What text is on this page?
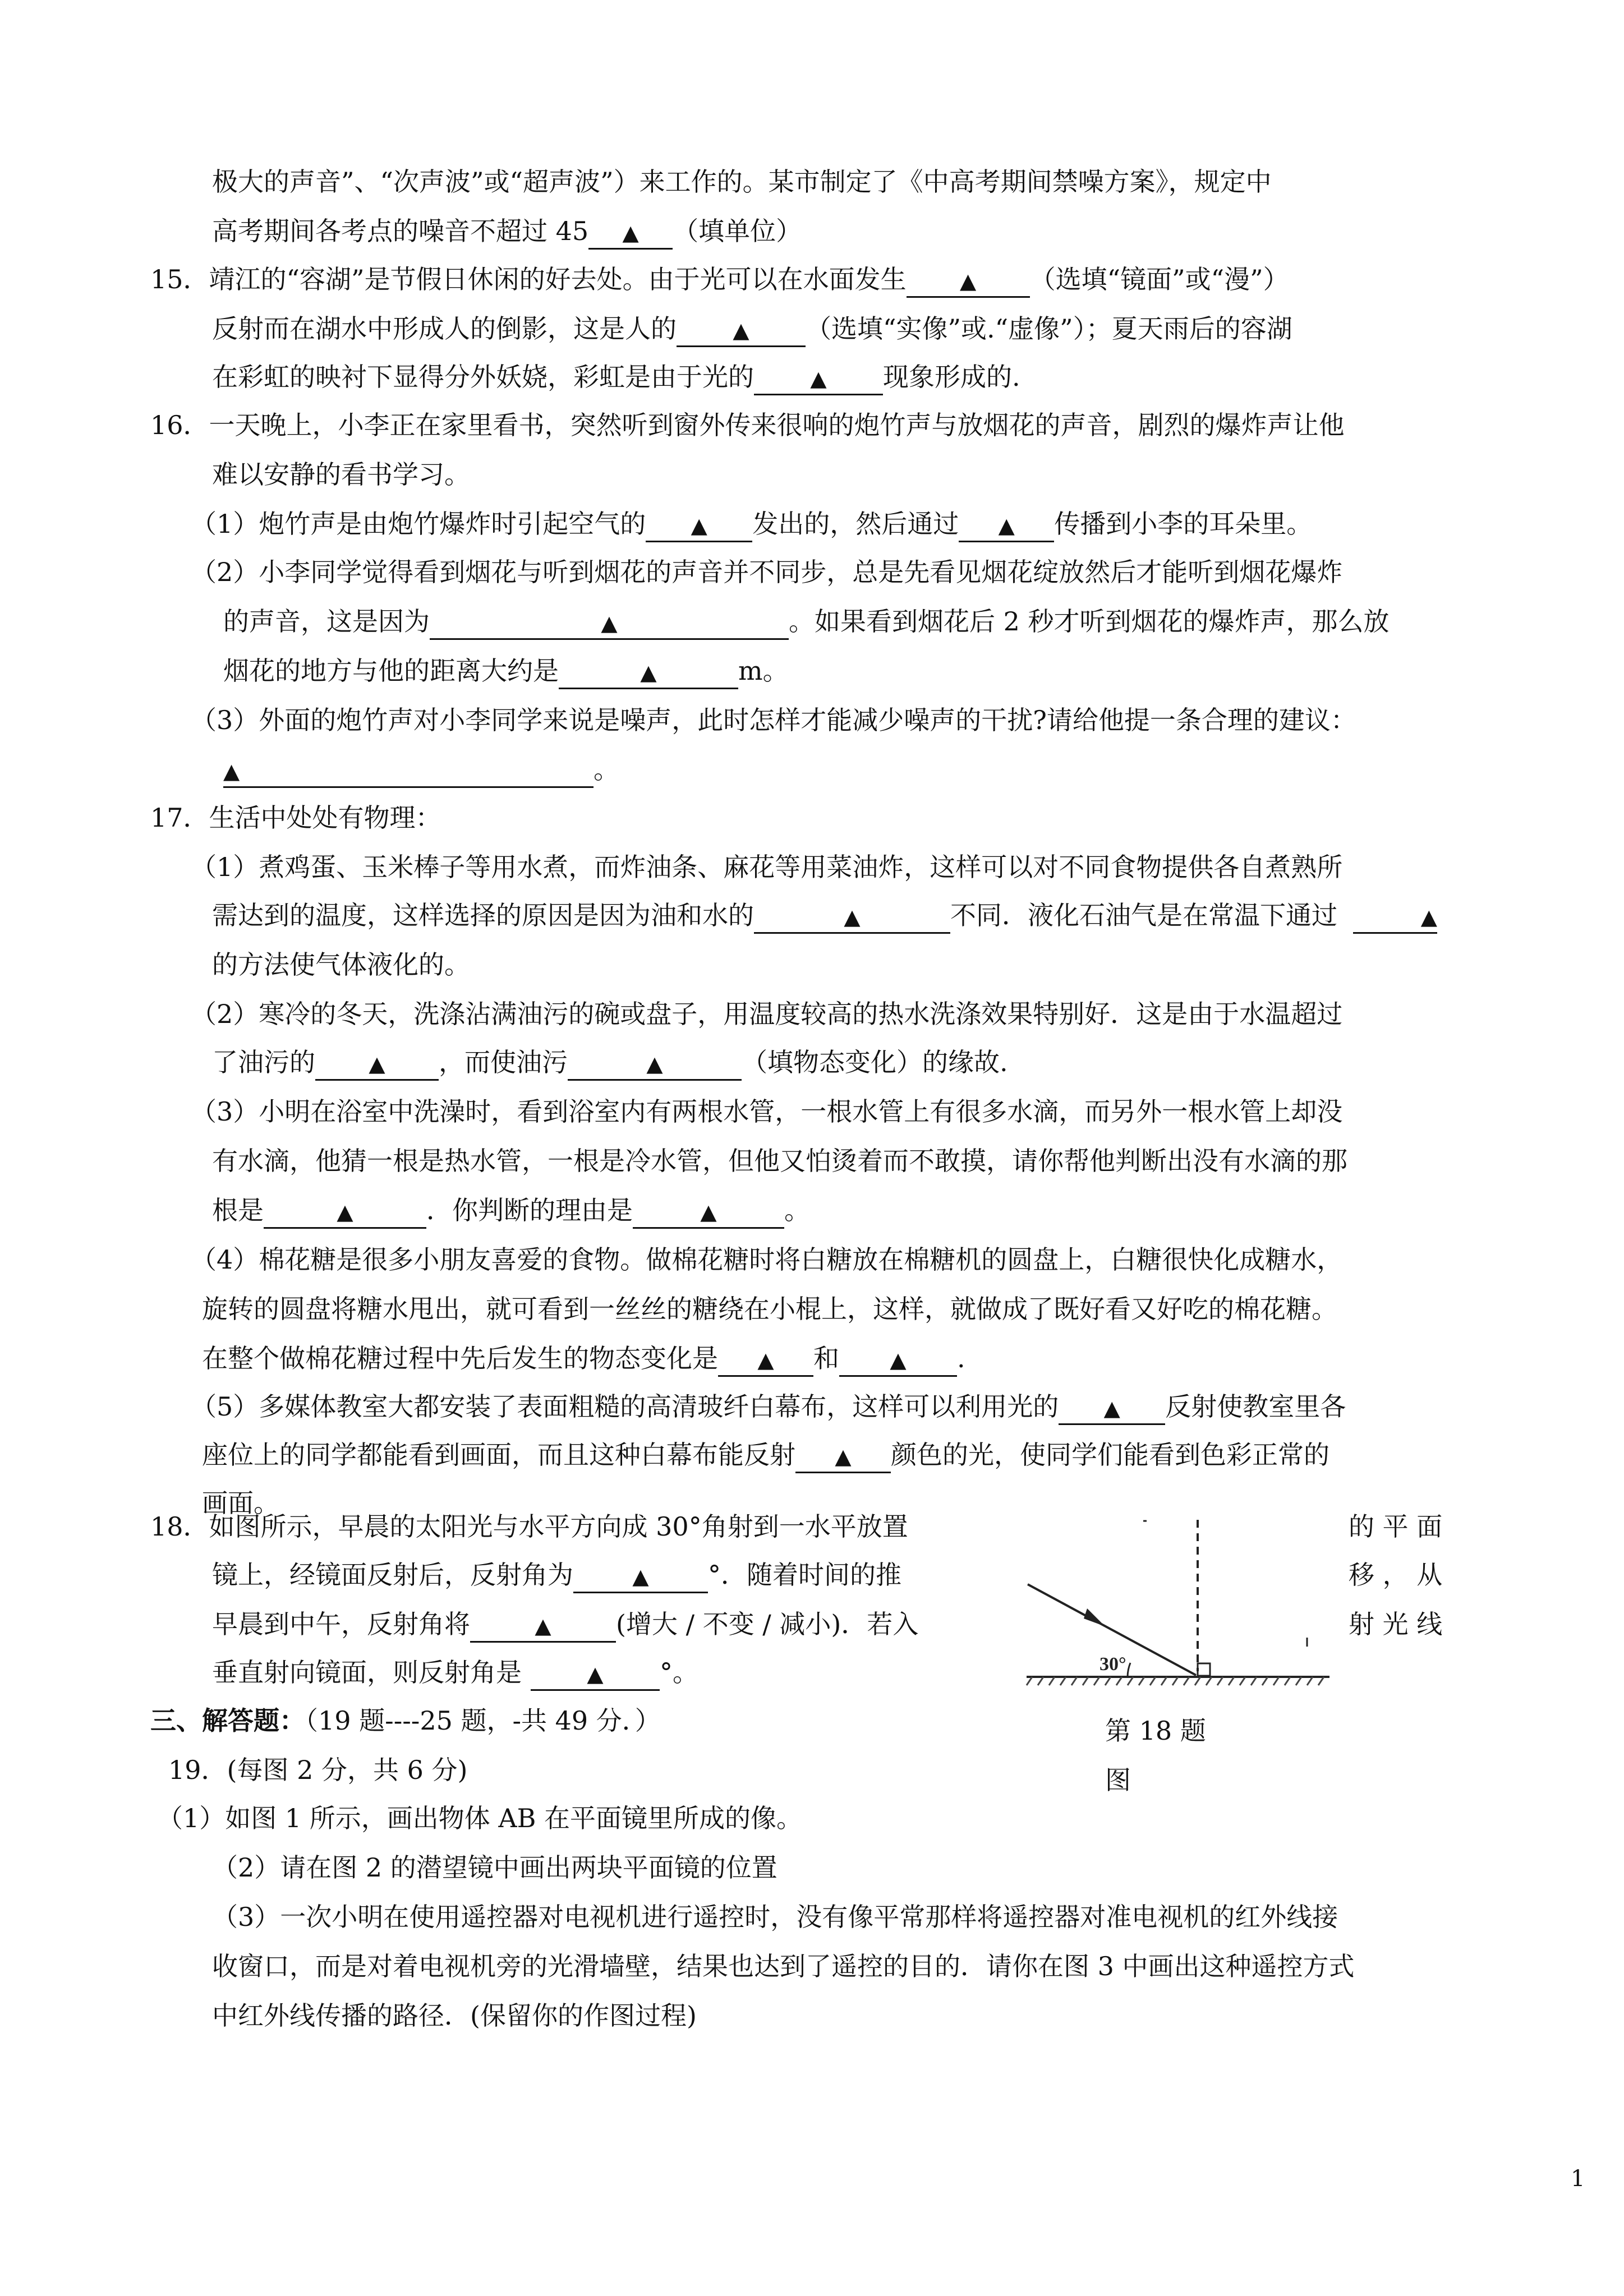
极大的声音”、“次声波”或“超声波”）来工作的。某市制定了《中高考期间禁噪方案》，规定中
高考期间各考点的噪音不超过 45 ▲ （填单位）
15．靖江的“容湖”是节假日休闲的好去处。由于光可以在水面发生	▲ （选填“镜面”或“漫”）
反射而在湖水中形成人的倒影，这是人的	▲ （选填“实像”或.“虚像”）；夏天雨后的容湖
在彩虹的映衬下显得分外妖娆，彩虹是由于光的	▲ 现象形成的.
16．一天晚上，小李正在家里看书，突然听到窗外传来很响的炮竹声与放烟花的声音，剧烈的爆炸声让他
难以安静的看书学习。
（1）炮竹声是由炮竹爆炸时引起空气的 ▲ 发出的，然后通过 ▲ 传播到小李的耳朵里。
（2）小李同学觉得看到烟花与听到烟花的声音并不同步，总是先看见烟花绽放然后才能听到烟花爆炸
的声音，这是因为	▲	。如果看到烟花后 2 秒才听到烟花的爆炸声，那么放
烟花的地方与他的距离大约是	▲	m。
（3）外面的炮竹声对小李同学来说是噪声，此时怎样才能减少噪声的干扰?请给他提一条合理的建议：
▲	。
17．生活中处处有物理：
（1）煮鸡蛋、玉米棒子等用水煮，而炸油条、麻花等用菜油炸，这样可以对不同食物提供各自煮熟所
需达到的温度，这样选择的原因是因为油和水的	▲	不同．液化石油气是在常温下通过	▲
的方法使气体液化的。
（2）寒冷的冬天，洗涤沾满油污的碗或盘子，用温度较高的热水洗涤效果特别好．这是由于水温超过
了油污的	▲ ，而使油污	▲	（填物态变化）的缘故.
（3）小明在浴室中洗澡时，看到浴室内有两根水管，一根水管上有很多水滴，而另外一根水管上却没
有水滴，他猜一根是热水管，一根是冷水管，但他又怕烫着而不敢摸，请你帮他判断出没有水滴的那
根是	▲	．你判断的理由是	▲	。
（4）棉花糖是很多小朋友喜爱的食物。做棉花糖时将白糖放在棉糖机的圆盘上，白糖很快化成糖水，
旋转的圆盘将糖水甩出，就可看到一丝丝的糖绕在小棍上，这样，就做成了既好看又好吃的棉花糖。
在整个做棉花糖过程中先后发生的物态变化是 ▲ 和 ▲ .
（5）多媒体教室大都安装了表面粗糙的高清玻纤白幕布，这样可以利用光的 ▲ 反射使教室里各
座位上的同学都能看到画面，而且这种白幕布能反射 ▲ 颜色的光，使同学们能看到色彩正常的
画面。
18．如图所示，早晨的太阳光与水平方向成 30°角射到一水平放置	的 平 面
镜上，经镜面反射后，反射角为	▲ °．随着时间的推	移 ， 从
早晨到中午，反射角将	▲	(增大 / 不变 / 减小)．若入	射 光 线
垂直射向镜面，则反射角是	▲ °。	30°
第 18 题
图
三、解答题：（19 题----25 题，-共 49 分．）
19．(每图 2 分，共 6 分)
（1）如图 1 所示，画出物体 AB 在平面镜里所成的像。
（2）请在图 2 的潜望镜中画出两块平面镜的位置
（3）一次小明在使用遥控器对电视机进行遥控时，没有像平常那样将遥控器对准电视机的红外线接
收窗口，而是对着电视机旁的光滑墙壁，结果也达到了遥控的目的．请你在图 3 中画出这种遥控方式
中红外线传播的路径．(保留你的作图过程)
1
